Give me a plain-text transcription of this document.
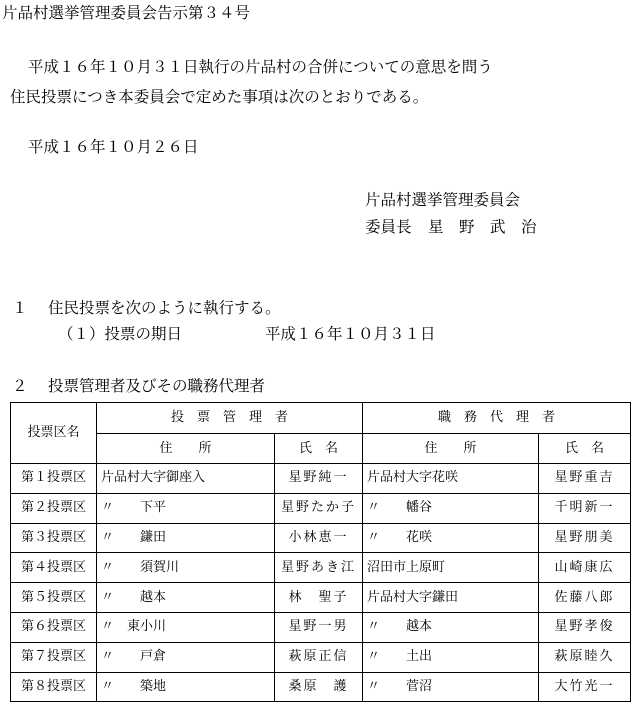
片品村選挙管理委員会告示第３４号
平成１６年１０月３１日執行の片品村の合併についての意思を問う
住民投票につき本委員会で定めた事項は次のとおりである。
平成１６年１０月２６日
片品村選挙管理委員会
委員長 星　野　武　治
１ 住民投票を次のように執行する。
（１）投票の期日	平成１６年１０月３１日
２ 投票管理者及びその職務代理者
投票区名	投　票　管　理　者		職　務　代　理　者	
	住　　所	氏　名	住　　所	氏　名
第１投票区	片品村大字御座入	星野純一	片品村大字花咲	星野重吉
第２投票区	〃　　下平	星野たか子	〃　　幡谷	千明新一
第３投票区	〃　　鎌田	小林恵一	〃　　花咲	星野朋美
第４投票区	〃　　須賀川	星野あき江	沼田市上原町	山崎康広
第５投票区	〃　　越本	林　聖子	片品村大字鎌田	佐藤八郎
第６投票区	〃　東小川	星野一男	〃　　越本	星野孝俊
第７投票区	〃　　戸倉	萩原正信	〃　　土出	萩原睦久
第８投票区	〃　　築地	桑原　護	〃　　菅沼	大竹光一
